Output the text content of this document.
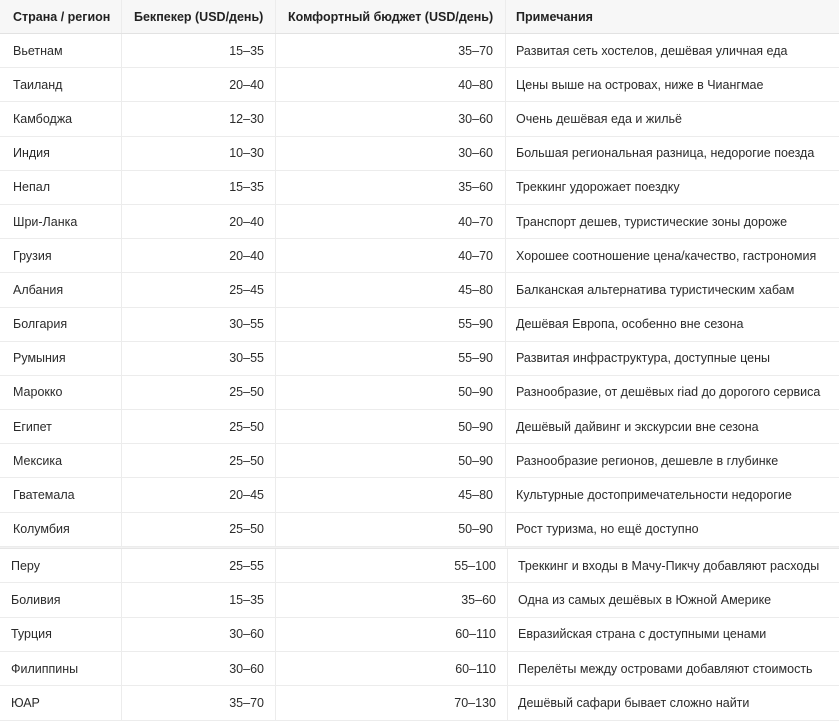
Страна / регион	Бекпекер (USD/день)	Комфортный бюджет (USD/день)	Примечания
Вьетнам	15–35	35–70	Развитая сеть хостелов, дешёвая уличная еда
Таиланд	20–40	40–80	Цены выше на островах, ниже в Чиангмае
Камбоджа	12–30	30–60	Очень дешёвая еда и жильё
Индия	10–30	30–60	Большая региональная разница, недорогие поезда
Непал	15–35	35–60	Треккинг удорожает поездку
Шри-Ланка	20–40	40–70	Транспорт дешев, туристические зоны дороже
Грузия	20–40	40–70	Хорошее соотношение цена/качество, гастрономия
Албания	25–45	45–80	Балканская альтернатива туристическим хабам
Болгария	30–55	55–90	Дешёвая Европа, особенно вне сезона
Румыния	30–55	55–90	Развитая инфраструктура, доступные цены
Марокко	25–50	50–90	Разнообразие, от дешёвых riad до дорогого сервиса
Египет	25–50	50–90	Дешёвый дайвинг и экскурсии вне сезона
Мексика	25–50	50–90	Разнообразие регионов, дешевле в глубинке
Гватемала	20–45	45–80	Культурные достопримечательности недорогие
Колумбия	25–50	50–90	Рост туризма, но ещё доступно
Перу	25–55	55–100	Треккинг и входы в Мачу-Пикчу добавляют расходы
Боливия	15–35	35–60	Одна из самых дешёвых в Южной Америке
Турция	30–60	60–110	Евразийская страна с доступными ценами
Филиппины	30–60	60–110	Перелёты между островами добавляют стоимость
ЮАР	35–70	70–130	Дешёвый сафари бывает сложно найти
